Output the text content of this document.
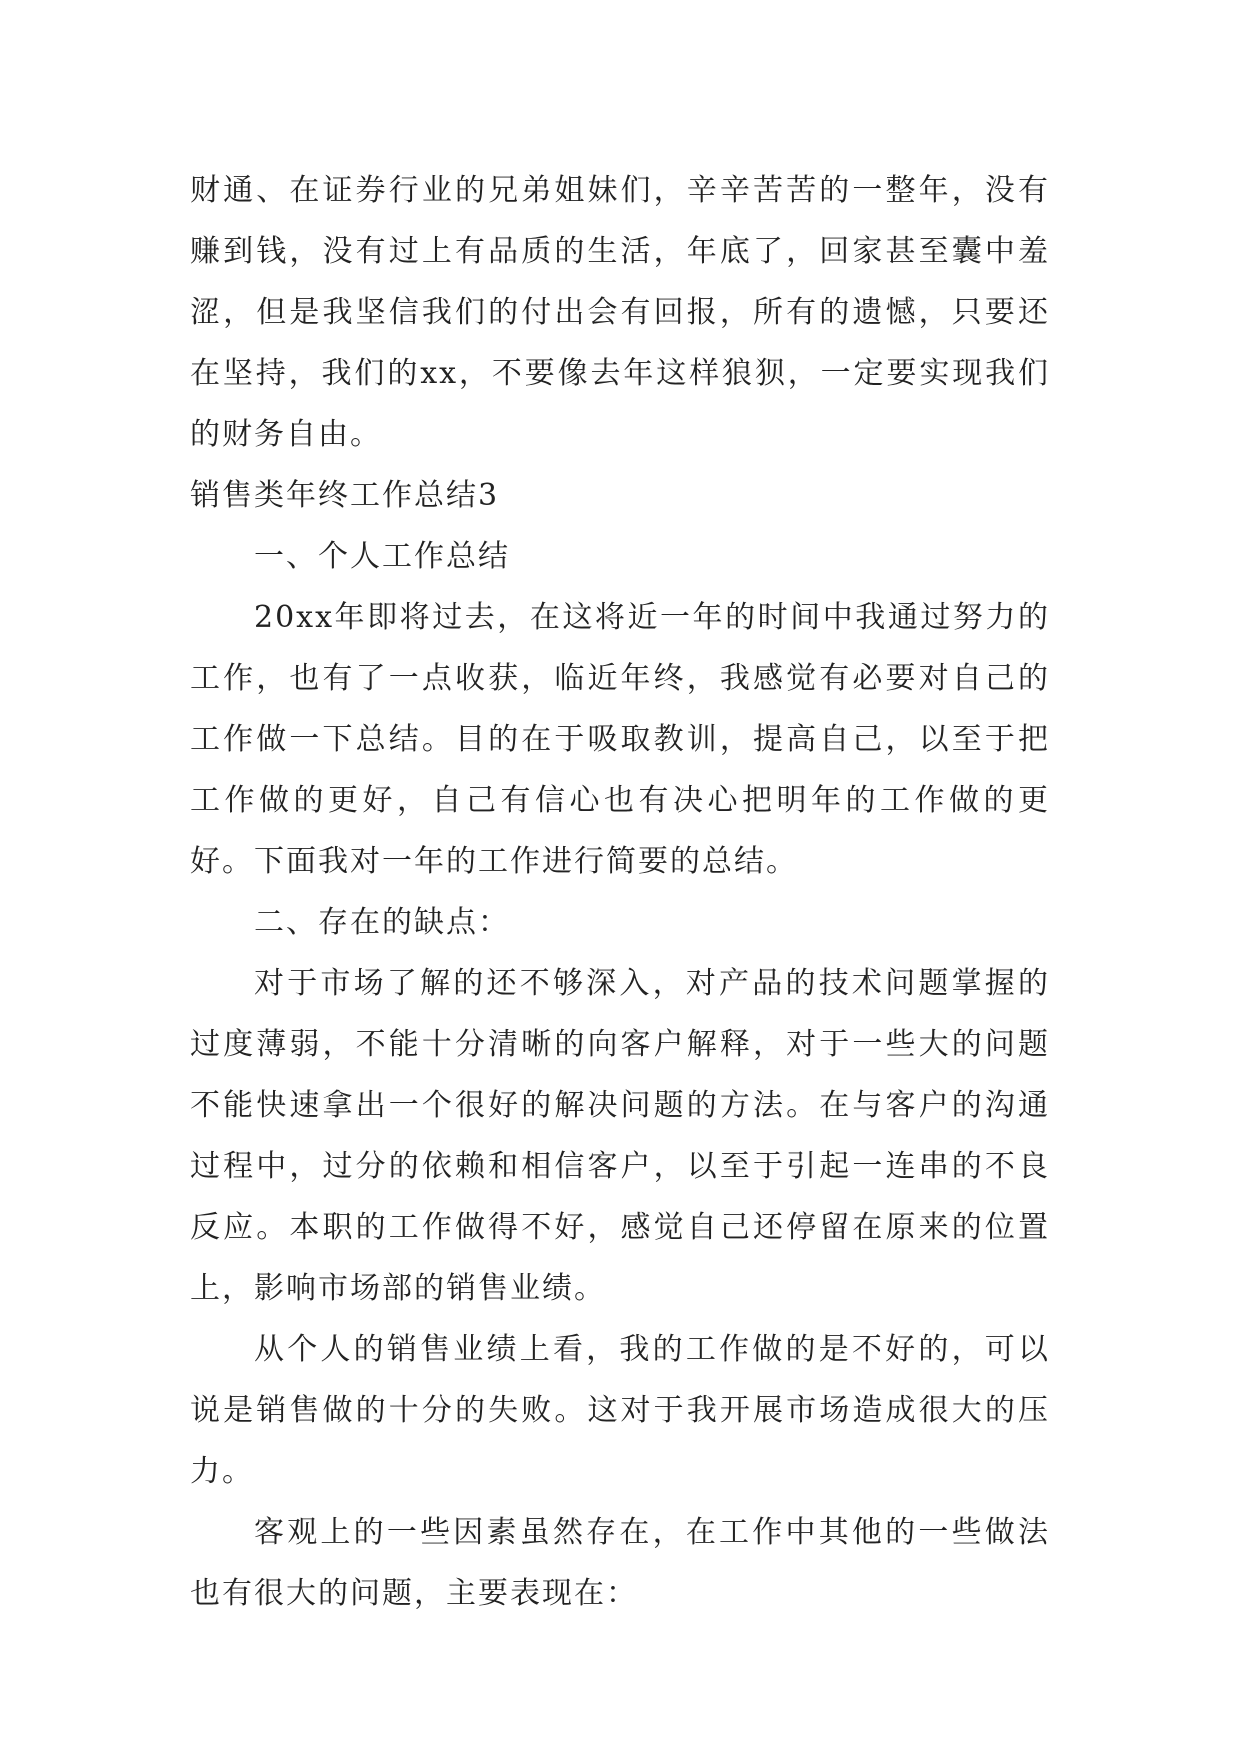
财通、在证券行业的兄弟姐妹们，辛辛苦苦的一整年，没有赚到钱，没有过上有品质的生活，年底了，回家甚至囊中羞涩，但是我坚信我们的付出会有回报，所有的遗憾，只要还在坚持，我们的xx，不要像去年这样狼狈，一定要实现我们的财务自由。

销售类年终工作总结3

一、个人工作总结

20xx年即将过去，在这将近一年的时间中我通过努力的工作，也有了一点收获，临近年终，我感觉有必要对自己的工作做一下总结。目的在于吸取教训，提高自己，以至于把工作做的更好，自己有信心也有决心把明年的工作做的更好。下面我对一年的工作进行简要的总结。

二、存在的缺点：

对于市场了解的还不够深入，对产品的技术问题掌握的过度薄弱，不能十分清晰的向客户解释，对于一些大的问题不能快速拿出一个很好的解决问题的方法。在与客户的沟通过程中，过分的依赖和相信客户，以至于引起一连串的不良反应。本职的工作做得不好，感觉自己还停留在原来的位置上，影响市场部的销售业绩。

从个人的销售业绩上看，我的工作做的是不好的，可以说是销售做的十分的失败。这对于我开展市场造成很大的压力。

客观上的一些因素虽然存在，在工作中其他的一些做法也有很大的问题，主要表现在：
